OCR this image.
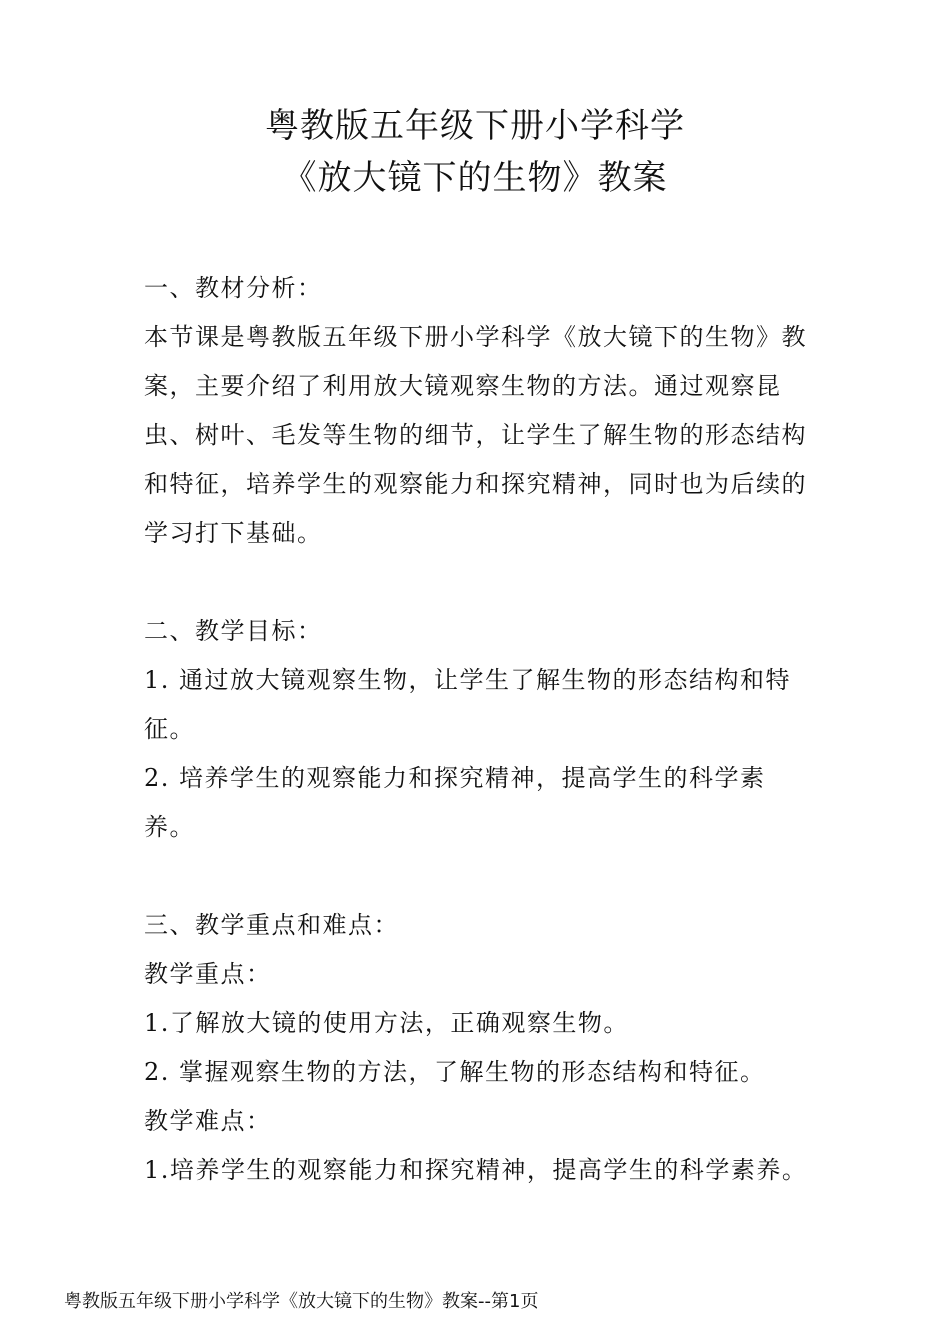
粤教版五年级下册小学科学

《放大镜下的生物》教案

一、教材分析：

本节课是粤教版五年级下册小学科学《放大镜下的生物》教案，主要介绍了利用放大镜观察生物的方法。通过观察昆虫、树叶、毛发等生物的细节，让学生了解生物的形态结构和特征，培养学生的观察能力和探究精神，同时也为后续的学习打下基础。

二、教学目标：

1. 通过放大镜观察生物，让学生了解生物的形态结构和特征。

2. 培养学生的观察能力和探究精神，提高学生的科学素养。

三、教学重点和难点：

教学重点：

1.了解放大镜的使用方法，正确观察生物。

2. 掌握观察生物的方法，了解生物的形态结构和特征。

教学难点：

1.培养学生的观察能力和探究精神，提高学生的科学素养。

粤教版五年级下册小学科学《放大镜下的生物》教案--第1页
